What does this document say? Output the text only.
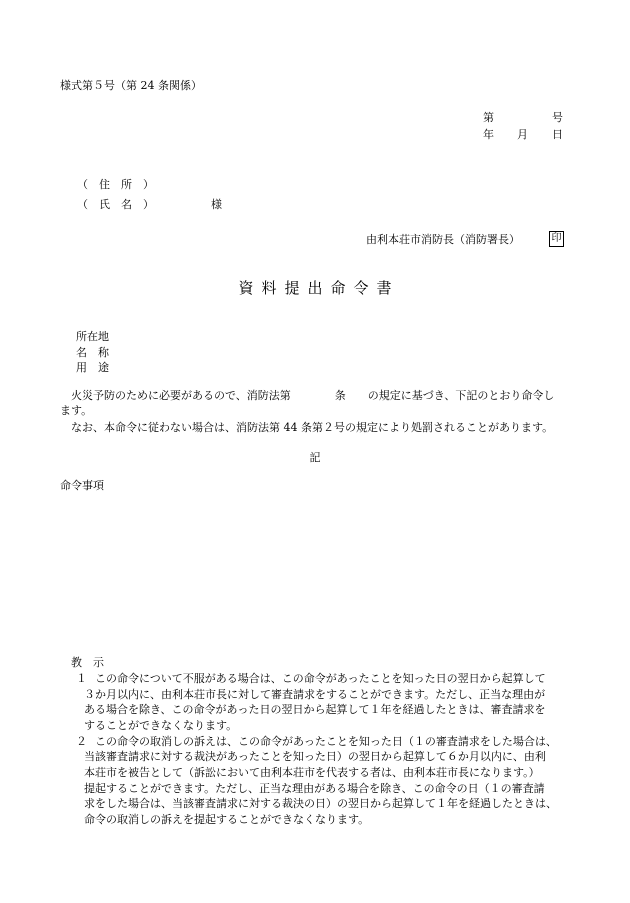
様式第５号（第 24 条関係）
第	号
年 月 日
（　住　所　）
（　氏　名　）	様
由利本荘市消防長（消防署長）	印
資料提出命令書
所在地
名　称
用　途
火災予防のために必要があるので、消防法第　　　　条　　の規定に基づき、下記のとおり命令し
ます。
なお、本命令に従わない場合は、消防法第 44 条第２号の規定により処罰されることがあります。
記
命令事項
教　示
１ この命令について不服がある場合は、この命令があったことを知った日の翌日から起算して
３か月以内に、由利本荘市長に対して審査請求をすることができます。ただし、正当な理由が
ある場合を除き、この命令があった日の翌日から起算して１年を経過したときは、審査請求を
することができなくなります。
２ この命令の取消しの訴えは、この命令があったことを知った日（１の審査請求をした場合は、
当該審査請求に対する裁決があったことを知った日）の翌日から起算して６か月以内に、由利
本荘市を被告として（訴訟において由利本荘市を代表する者は、由利本荘市長になります。）
提起することができます。ただし、正当な理由がある場合を除き、この命令の日（１の審査請
求をした場合は、当該審査請求に対する裁決の日）の翌日から起算して１年を経過したときは、
命令の取消しの訴えを提起することができなくなります。
